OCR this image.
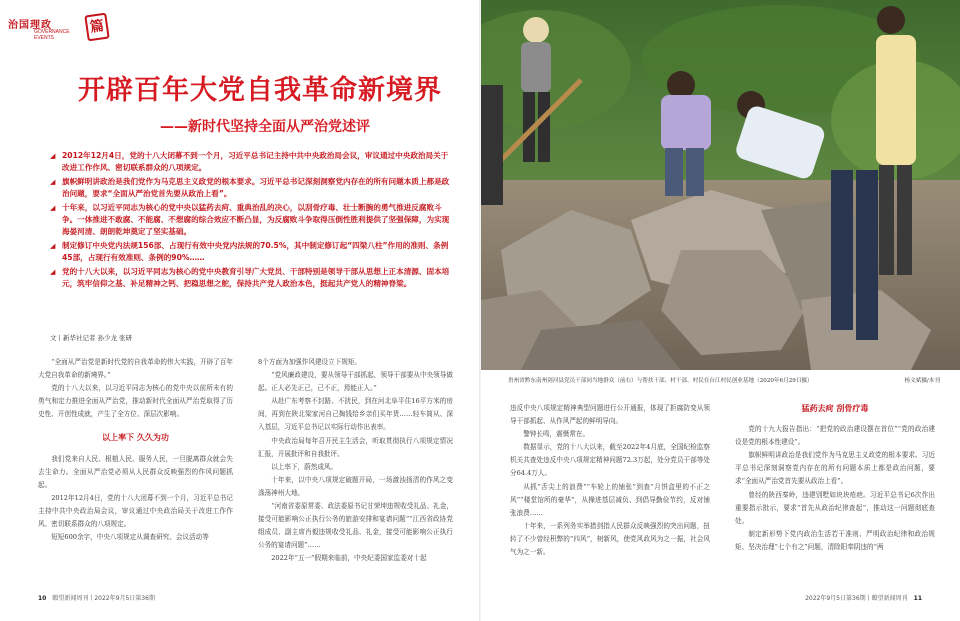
治国理政
GOVERNANCE
EVENTS
篇
开辟百年大党自我革命新境界
——新时代坚持全面从严治党述评
◢ 2012年12月4日，党的十八大闭幕不到一个月，习近平总书记主持中共中央政治局会议，审议通过中央政治局关于改进工作作风、密切联系群众的八项规定。
◢ 旗帜鲜明讲政治是我们党作为马克思主义政党的根本要求。习近平总书记深刻洞察党内存在的所有问题本质上都是政治问题，要求“全面从严治党首先要从政治上看”。
◢ 十年来，以习近平同志为核心的党中央以猛药去疴、重典治乱的决心，以刮骨疗毒、壮士断腕的勇气推进反腐败斗争。一体推进不敢腐、不能腐、不想腐的综合效应不断凸显，为反腐败斗争取得压倒性胜利提供了坚强保障，为实现海晏河清、朗朗乾坤奠定了坚实基础。
◢ 制定修订中央党内法规156部、占现行有效中央党内法规的70.5%，其中制定修订起“四梁八柱”作用的准则、条例45部，占现行有效准则、条例的90%……
◢ 党的十八大以来，以习近平同志为核心的党中央教育引导广大党员、干部特别是领导干部从思想上正本清源、固本培元，筑牢信仰之基、补足精神之钙、把稳思想之舵，保持共产党人政治本色，挺起共产党人的精神脊梁。
文丨新华社记者 孙少龙 张研

“全面从严治党是新时代党的自我革命的伟大实践，开辟了百年大党自我革命的新境界。”

党的十八大以来，以习近平同志为核心的党中央以前所未有的勇气和定力推进全面从严治党，推动新时代全面从严治党取得了历史性、开创性成就，产生了全方位、深层次影响。

以上率下 久久为功

我们党来自人民、根植人民、服务人民，一旦脱离群众就会失去生命力。全面从严治党必须从人民群众反映强烈的作风问题抓起。

2012年12月4日，党的十八大闭幕不到一个月，习近平总书记主持中共中央政治局会议，审议通过中央政治局关于改进工作作风、密切联系群众的八项规定。

短短600余字，中央八项规定从调查研究、会议活动等

8个方面为加强作风建设立下规矩。

“党风廉政建设，要从领导干部抓起，领导干部要从中央领导做起。正人必先正己，己不正，焉能正人。”

从赴广东考察不封路、不扰民，到在河北阜平住16平方米的房间，再到在陕北梁家河自己掏钱给乡亲们买年货……轻车简从、深入基层，习近平总书记以实际行动作出表率。

中央政治局每年召开民主生活会，听取贯彻执行八项规定情况汇报，开展批评和自我批评。

以上率下，蔚然成风。

十年来，以中央八项规定破题开局，一场激浊扬清的作风之变涤荡神州大地。

“河南省委原常委、政法委原书记甘荣坤违规收受礼品、礼金，接受可能影响公正执行公务的旅游安排和宴请问题”“江西省政协党组成员、副主席肖毅违规收受礼品、礼金，接受可能影响公正执行公务的宴请问题”……

2022年“五一”假期来临前，中央纪委国家监委对十起

10 瞭望新闻周刊丨2022年9月5日第36期
贵州省黔东南州剑河县党员干部同当地群众（前右）与帮扶干部、村干部、村民在台江村民创业基地（2020年6月29日摄）	杨文斌摄/本刊

违反中央八项规定精神典型问题进行公开通报，体现了拒腐防变从领导干部抓起、从作风严起的鲜明导向。

警钟长鸣，震慑常在。

数据显示，党的十八大以来，截至2022年4月底，全国纪检监察机关共查处违反中央八项规定精神问题72.3万起，处分党员干部等处分64.4万人。

从抓“舌尖上的浪费”“车轮上的铺张”到查“月饼盒里的不正之风”“楼堂馆所的豪华”，从操进基层减负、到倡导勤俭节约，反对铺张浪费……

十年来，一系列务实举措剑指人民群众反映强烈的突出问题，扭转了不少曾经积弊的“四风”，树新风，使党风政风为之一振，社会风气为之一新。

猛药去疴 刮骨疗毒

党的十九大报告指出：“把党的政治建设摆在首位”“党的政治建设是党的根本性建设”。

旗帜鲜明讲政治是我们党作为马克思主义政党的根本要求。习近平总书记深刻洞察党内存在的所有问题本质上都是政治问题，要求“全面从严治党首先要从政治上看”。

曾经的陕西秦岭，违建别墅如块块疮疤。习近平总书记6次作出重要指示批示，要求“首先从政治纪律查起”，推动这一问题彻底查处。

制定新形势下党内政治生活若干准则、严明政治纪律和政治规矩、坚决治理“七个有之”问题，清除阳奉阴违的“两

2022年9月5日第36期丨瞭望新闻周刊 11
